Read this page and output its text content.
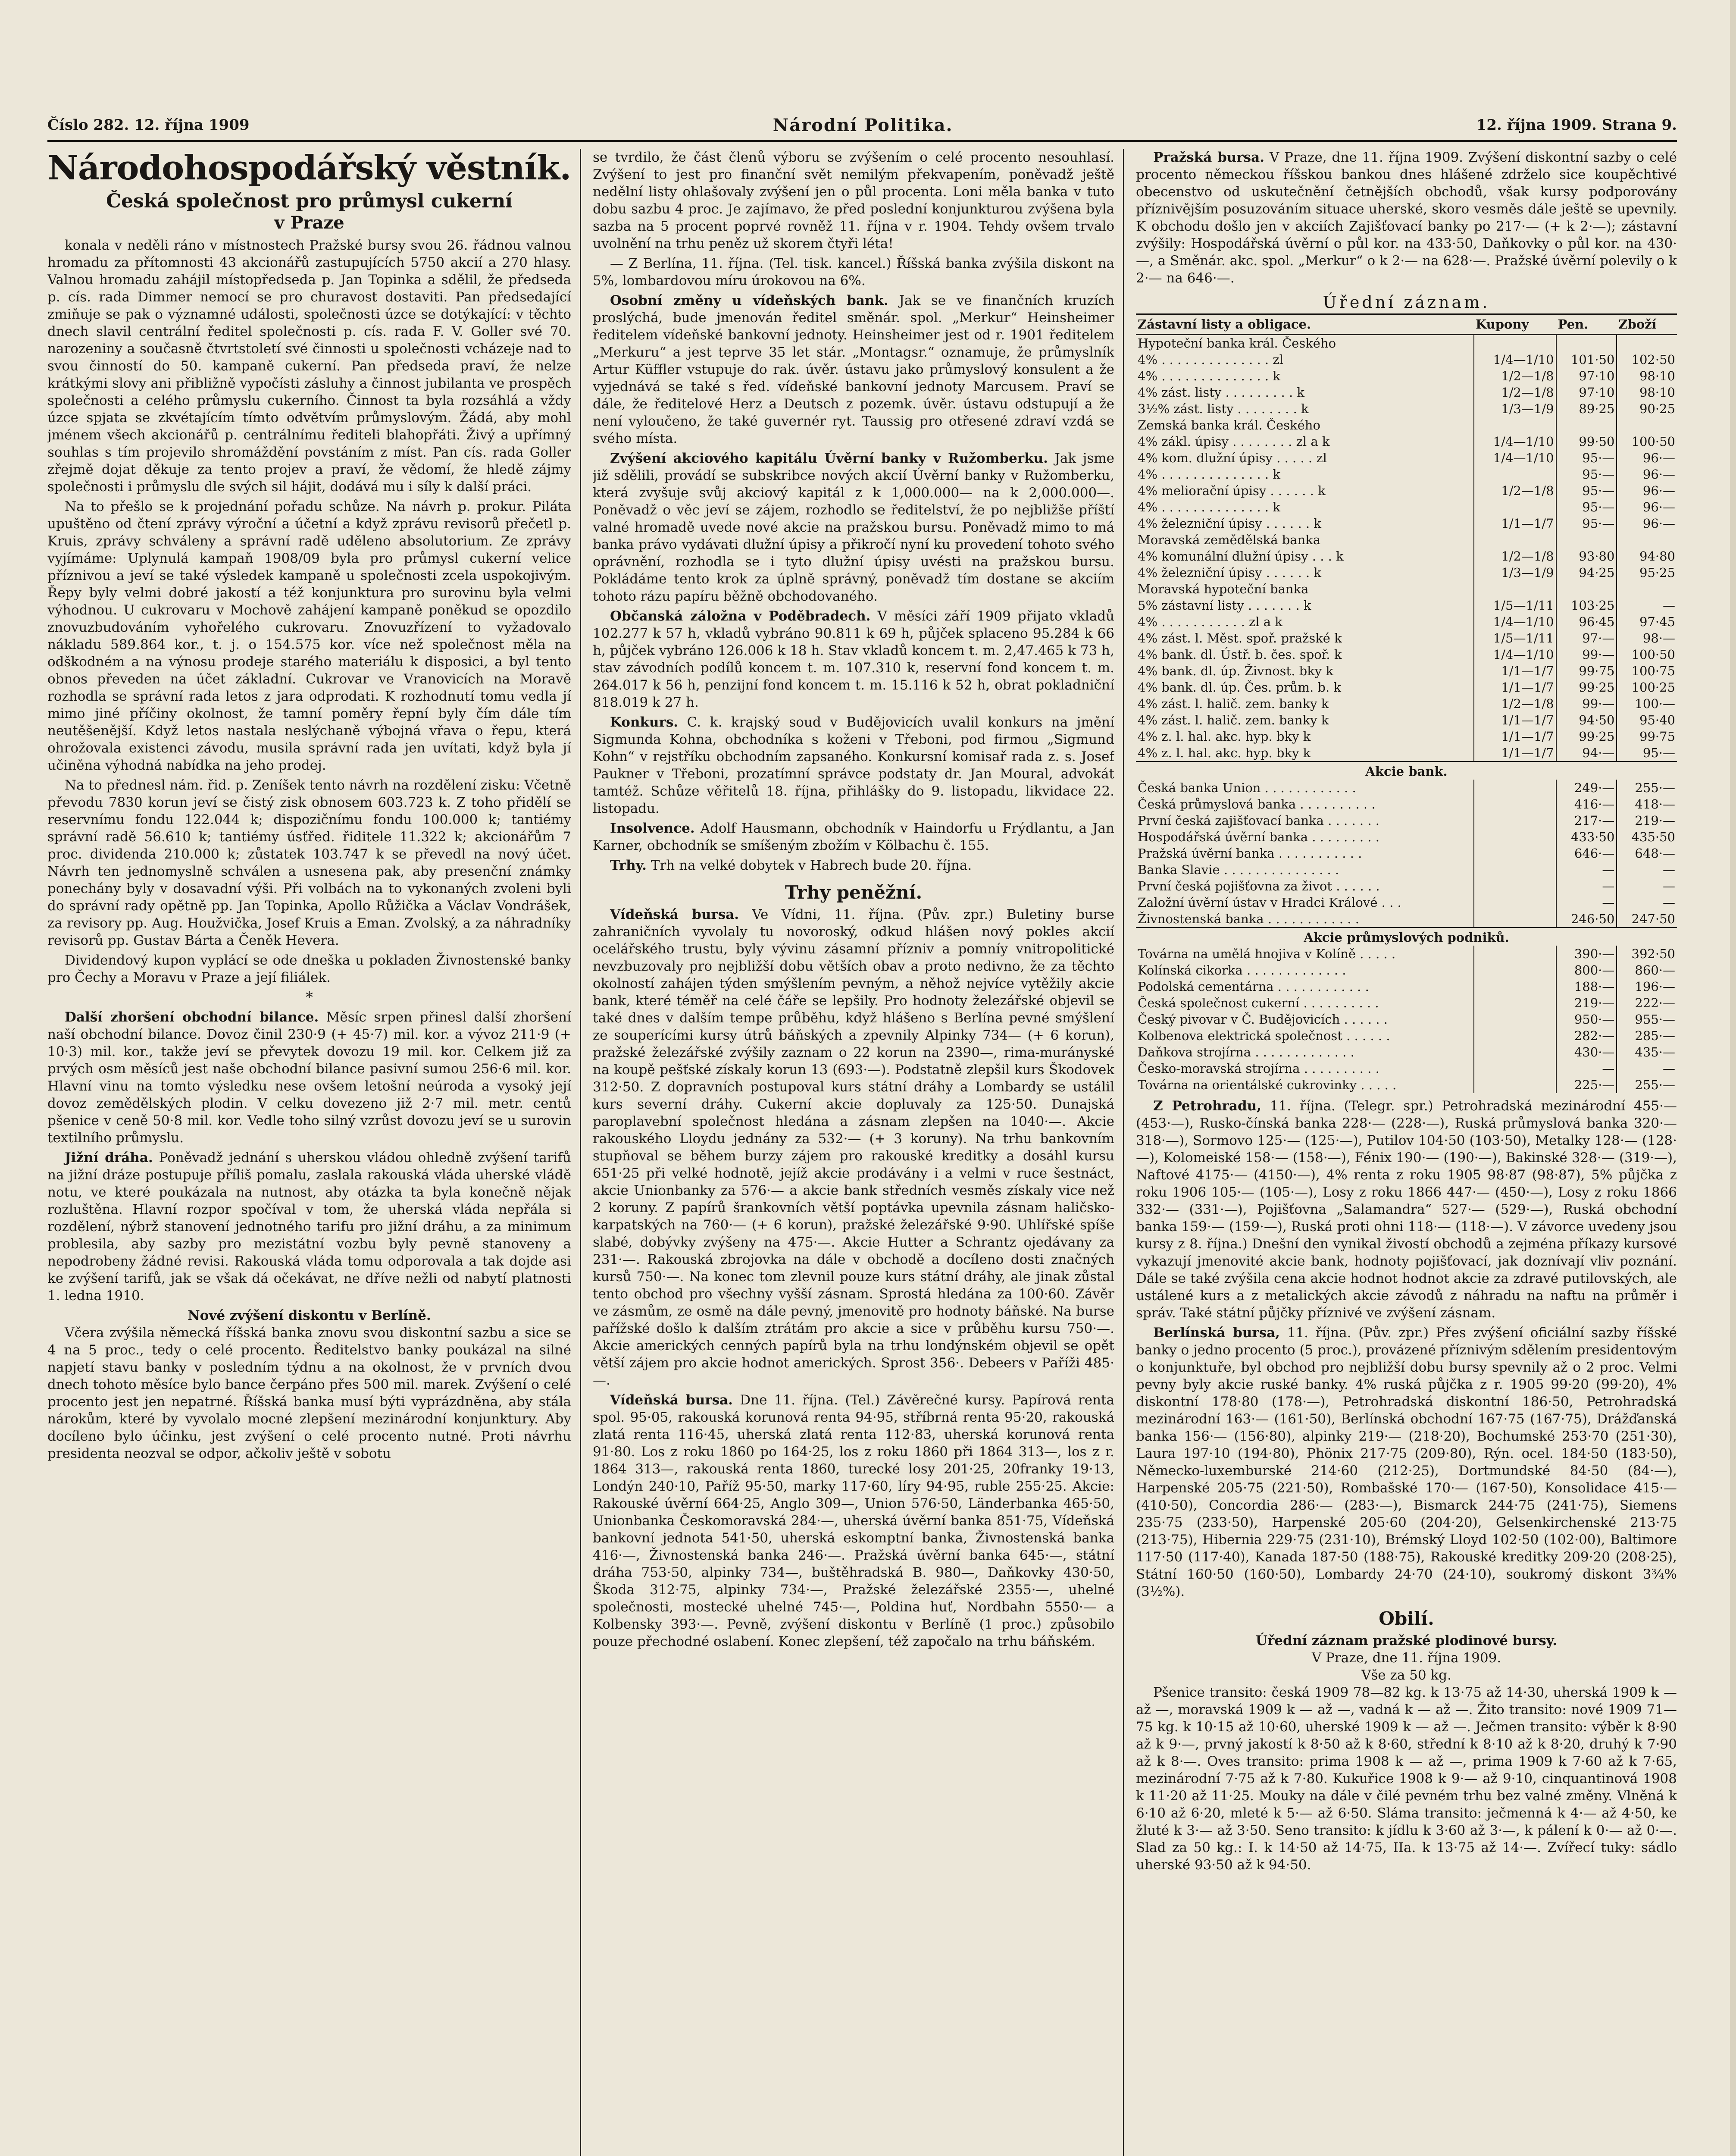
Číslo 282. 12. října 1909	Národní Politika.	12. října 1909. Strana 9.
Národohospodářský věstník.
Česká společnost pro průmysl cukerní
v Praze

konala v neděli ráno v místnostech Pražské bursy svou 26. řádnou valnou hromadu za přítomnosti 43 akcionářů zastupujících 5750 akcií a 270 hlasy. Valnou hromadu zahájil místopředseda p. Jan Topinka a sdělil, že předseda p. cís. rada Dimmer nemocí se pro churavost dostaviti. Pan předsedající zmiňuje se pak o významné události, společnosti úzce se dotýkající: v těchto dnech slavil centrální ředitel společnosti p. cís. rada F. V. Goller své 70. narozeniny a současně čtvrtstoletí své činnosti u společnosti vcházeje nad to svou činností do 50. kampaně cukerní. Pan předseda praví, že nelze krátkými slovy ani přibližně vypočísti zásluhy a činnost jubilanta ve prospěch společnosti a celého průmyslu cukerního. Činnost ta byla rozsáhlá a vždy úzce spjata se zkvétajícím tímto odvětvím průmyslovým. Žádá, aby mohl jménem všech akcionářů p. centrálnímu řediteli blahopřáti. Živý a upřímný souhlas s tím projevilo shromáždění povstáním z míst. Pan cís. rada Goller zřejmě dojat děkuje za tento projev a praví, že vědomí, že hledě zájmy společnosti i průmyslu dle svých sil hájit, dodává mu i síly k další práci.

Na to přešlo se k projednání pořadu schůze. Na návrh p. prokur. Piláta upuštěno od čtení zprávy výroční a účetní a když zprávu revisorů přečetl p. Kruis, zprávy schváleny a správní radě uděleno absolutorium. Ze zprávy vyjímáme: Uplynulá kampaň 1908/09 byla pro průmysl cukerní velice příznivou a jeví se také výsledek kampaně u společnosti zcela uspokojivým. Řepy byly velmi dobré jakostí a též konjunktura pro surovinu byla velmi výhodnou. U cukrovaru v Mochově zahájení kampaně poněkud se opozdilo znovuzbudováním vyhořelého cukrovaru. Znovuzřízení to vyžadovalo nákladu 589.864 kor., t. j. o 154.575 kor. více než společnost měla na odškodném a na výnosu prodeje starého materiálu k disposici, a byl tento obnos převeden na účet základní. Cukrovar ve Vranovicích na Moravě rozhodla se správní rada letos z jara odprodati. K rozhodnutí tomu vedla jí mimo jiné příčiny okolnost, že tamní poměry řepní byly čím dále tím neutěšenější. Když letos nastala neslýchaně výbojná vřava o řepu, která ohrožovala existenci závodu, musila správní rada jen uvítati, když byla jí učiněna výhodná nabídka na jeho prodej.

Na to přednesl nám. řid. p. Zeníšek tento návrh na rozdělení zisku: Včetně převodu 7830 korun jeví se čistý zisk obnosem 603.723 k. Z toho přidělí se reservnímu fondu 122.044 k; dispozičnímu fondu 100.000 k; tantiémy správní radě 56.610 k; tantiémy úsťřed. řiditele 11.322 k; akcionářům 7 proc. dividenda 210.000 k; zůstatek 103.747 k se převedl na nový účet. Návrh ten jednomyslně schválen a usnesena pak, aby presenční známky ponechány byly v dosavadní výši. Při volbách na to vykonaných zvoleni byli do správní rady opětně pp. Jan Topinka, Apollo Růžička a Václav Vondrášek, za revisory pp. Aug. Houžvička, Josef Kruis a Eman. Zvolský, a za náhradníky revisorů pp. Gustav Bárta a Čeněk Hevera.

Dividendový kupon vyplácí se ode dneška u pokladen Živnostenské banky pro Čechy a Moravu v Praze a její filiálek.

*

Další zhoršení obchodní bilance. Měsíc srpen přinesl další zhoršení naší obchodní bilance. Dovoz činil 230·9 (+ 45·7) mil. kor. a vývoz 211·9 (+ 10·3) mil. kor., takže jeví se převytek dovozu 19 mil. kor. Celkem již za prvých osm měsíců jest naše obchodní bilance pasivní sumou 256·6 mil. kor. Hlavní vinu na tomto výsledku nese ovšem letošní neúroda a vysoký její dovoz zemědělských plodin. V celku dovezeno již 2·7 mil. metr. centů pšenice v ceně 50·8 mil. kor. Vedle toho silný vzrůst dovozu jeví se u surovin textilního průmyslu.

Jižní dráha. Poněvadž jednání s uherskou vládou ohledně zvýšení tarifů na jižní dráze postupuje příliš pomalu, zaslala rakouská vláda uherské vládě notu, ve které poukázala na nutnost, aby otázka ta byla konečně nějak rozluštěna. Hlavní rozpor spočíval v tom, že uherská vláda nepřála si rozdělení, nýbrž stanovení jednotného tarifu pro jižní dráhu, a za minimum problesila, aby sazby pro mezistátní vozbu byly pevně stanoveny a nepodrobeny žádné revisi. Rakouská vláda tomu odporovala a tak dojde asi ke zvýšení tarifů, jak se však dá očekávat, ne dříve nežli od nabytí platnosti 1. ledna 1910.

Nové zvýšení diskontu v Berlíně.

Včera zvýšila německá říšská banka znovu svou diskontní sazbu a sice se 4 na 5 proc., tedy o celé procento. Ředitelstvo banky poukázal na silné napjetí stavu banky v posledním týdnu a na okolnost, že v prvních dvou dnech tohoto měsíce bylo bance čerpáno přes 500 mil. marek. Zvýšení o celé procento jest jen nepatrné. Říšská banka musí býti vyprázdněna, aby stála nárokům, které by vyvolalo mocné zlepšení mezinárodní konjunktury. Aby docíleno bylo účinku, jest zvýšení o celé procento nutné. Proti návrhu presidenta neozval se odpor, ačkoliv ještě v sobotu

se tvrdilo, že část členů výboru se zvýšením o celé procento nesouhlasí. Zvýšení to jest pro finanční svět nemilým překvapením, poněvadž ještě nedělní listy ohlašovaly zvýšení jen o půl procenta. Loni měla banka v tuto dobu sazbu 4 proc. Je zajímavo, že před poslední konjunkturou zvýšena byla sazba na 5 procent poprvé rovněž 11. října v r. 1904. Tehdy ovšem trvalo uvolnění na trhu peněz už skorem čtyři léta!

— Z Berlína, 11. října. (Tel. tisk. kancel.) Říšská banka zvýšila diskont na 5%, lombardovou míru úrokovou na 6%.

Osobní změny u vídeňských bank. Jak se ve finančních kruzích proslýchá, bude jmenován ředitel směnár. spol. „Merkur“ Heinsheimer ředitelem vídeňské bankovní jednoty. Heinsheimer jest od r. 1901 ředitelem „Merkuru“ a jest teprve 35 let stár. „Montagsr.“ oznamuje, že průmyslník Artur Küffler vstupuje do rak. úvěr. ústavu jako průmyslový konsulent a že vyjednává se také s řed. vídeňské bankovní jednoty Marcusem. Praví se dále, že ředitelové Herz a Deutsch z pozemk. úvěr. ústavu odstupují a že není vyloučeno, že také guvernér ryt. Taussig pro otřesené zdraví vzdá se svého místa.

Zvýšení akciového kapitálu Úvěrní banky v Ružomberku. Jak jsme již sdělili, provádí se subskribce nových akcií Úvěrní banky v Ružomberku, která zvyšuje svůj akciový kapitál z k 1,000.000— na k 2,000.000—. Poněvadž o věc jeví se zájem, rozhodlo se ředitelství, že po nejbližše příští valné hromadě uvede nové akcie na pražskou bursu. Poněvadž mimo to má banka právo vydávati dlužní úpisy a přikročí nyní ku provedení tohoto svého oprávnění, rozhodla se i tyto dlužní úpisy uvésti na pražskou bursu. Pokládáme tento krok za úplně správný, poněvadž tím dostane se akciím tohoto rázu papíru běžně obchodovaného.

Občanská záložna v Poděbradech. V měsíci září 1909 přijato vkladů 102.277 k 57 h, vkladů vybráno 90.811 k 69 h, půjček splaceno 95.284 k 66 h, půjček vybráno 126.006 k 18 h. Stav vkladů koncem t. m. 2,47.465 k 73 h, stav závodních podílů koncem t. m. 107.310 k, reservní fond koncem t. m. 264.017 k 56 h, penzijní fond koncem t. m. 15.116 k 52 h, obrat pokladniční 818.019 k 27 h.

Konkurs. C. k. krajský soud v Budějovicích uvalil konkurs na jmění Sigmunda Kohna, obchodníka s koženi v Třeboni, pod firmou „Sigmund Kohn“ v rejstříku obchodním zapsaného. Konkursní komisař rada z. s. Josef Paukner v Třeboni, prozatímní správce podstaty dr. Jan Moural, advokát tamtéž. Schůze věřitelů 18. října, přihlášky do 9. listopadu, likvidace 22. listopadu.

Insolvence. Adolf Hausmann, obchodník v Haindorfu u Frýdlantu, a Jan Karner, obchodník se smíšeným zbožím v Kölbachu č. 155.

Trhy. Trh na velké dobytek v Habrech bude 20. října.

Trhy peněžní.

Vídeňská bursa. Ve Vídni, 11. října. (Pův. zpr.) Buletiny burse zahraničních vyvolaly tu novoroský, odkud hlášen nový pokles akcií ocelářského trustu, byly vývinu zásamní přízniv a pomníy vnitropolitické nevzbuzovaly pro nejbližší dobu větších obav a proto nedivno, že za těchto okolností zahájen týden smýšlením pevným, a něhož nejvíce vytěžily akcie bank, které téměř na celé čáře se lepšily. Pro hodnoty železářské objevil se také dnes v dalším tempe průběhu, když hlášeno s Berlína pevné smýšlení ze souperícími kursy útrů báňských a zpevnily Alpinky 734— (+ 6 korun), pražské železářské zvýšily zaznam o 22 korun na 2390—, rima-murányské na koupě pešťské získaly korun 13 (693·—). Podstatně zlepšil kurs Škodovek 312·50. Z dopravních postupoval kurs státní dráhy a Lombardy se ustálil kurs severní dráhy. Cukerní akcie dopluvaly za 125·50. Dunajská paroplavební společnost hledána a zásnam zlepšen na 1040·—. Akcie rakouského Lloydu jednány za 532·— (+ 3 koruny). Na trhu bankovním stupňoval se během burzy zájem pro rakouské kreditky a dosáhl kursu 651·25 při velké hodnotě, jejíž akcie prodávány i a velmi v ruce šestnáct, akcie Unionbanky za 576·— a akcie bank středních vesměs získaly vice než 2 koruny. Z papírů šrankovních větší poptávka upevnila zásnam haličsko-karpatských na 760·— (+ 6 korun), pražské železářské 9·90. Uhlířské spíše slabé, dobývky zvýšeny na 475·—. Akcie Hutter a Schrantz ojedávany za 231·—. Rakouská zbrojovka na dále v obchodě a docíleno dosti značných kursů 750·—. Na konec tom zlevnil pouze kurs státní dráhy, ale jinak zůstal tento obchod pro všechny vyšší zásnam. Sprostá hledána za 100·60. Závěr ve zásmům, ze osmě na dále pevný, jmenovitě pro hodnoty báňské. Na burse pařížské došlo k dalším ztrátám pro akcie a sice v průběhu kursu 750·—. Akcie amerických cenných papírů byla na trhu londýnském objevil se opět větší zájem pro akcie hodnot amerických. Sprost 356·. Debeers v Paříži 485·—.

Vídeňská bursa. Dne 11. října. (Tel.) Závěrečné kursy. Papírová renta spol. 95·05, rakouská korunová renta 94·95, stříbrná renta 95·20, rakouská zlatá renta 116·45, uherská zlatá renta 112·83, uherská korunová renta 91·80. Los z roku 1860 po 164·25, los z roku 1860 při 1864 313—, los z r. 1864 313—, rakouská renta 1860, turecké losy 201·25, 20franky 19·13, Londýn 240·10, Paříž 95·50, marky 117·60, líry 94·95, ruble 255·25. Akcie: Rakouské úvěrní 664·25, Anglo 309—, Union 576·50, Länderbanka 465·50, Unionbanka Českomoravská 284·—, uherská úvěrní banka 851·75, Vídeňská bankovní jednota 541·50, uherská eskomptní banka, Živnostenská banka 416·—, Živnostenská banka 246·—. Pražská úvěrní banka 645·—, státní dráha 753·50, alpinky 734—, buštěhradská B. 980—, Daňkovky 430·50, Škoda 312·75, alpinky 734·—, Pražské železářské 2355·—, uhelné společnosti, mostecké uhelné 745·—, Poldina huť, Nordbahn 5550·— a Kolbensky 393·—. Pevně, zvýšení diskontu v Berlíně (1 proc.) způsobilo pouze přechodné oslabení. Konec zlepšení, též započalo na trhu báňském.

Pražská bursa. V Praze, dne 11. října 1909. Zvýšení diskontní sazby o celé procento německou říšskou bankou dnes hlášené zdrželo sice koupěchtivé obecenstvo od uskutečnění četnějších obchodů, však kursy podporovány příznivějším posuzováním situace uherské, skoro vesměs dále ještě se upevnily. K obchodu došlo jen v akciích Zajišťovací banky po 217·— (+ k 2·—); zástavní zvýšily: Hospodářská úvěrní o půl kor. na 433·50, Daňkovky o půl kor. na 430·—, a Směnár. akc. spol. „Merkur“ o k 2·— na 628·—. Pražské úvěrní polevily o k 2·— na 646·—.

Úřední záznam.
Zástavní listy a obligace.	Kupony	Pen.	Zboží
Hypoteční banka král. Českého			
4% . . . . . . . . . . . . . . zl	1/4—1/10	101·50	102·50
4% . . . . . . . . . . . . . . k	1/2—1/8	97·10	98·10
4% zást. listy . . . . . . . . . k	1/2—1/8	97·10	98·10
3½% zást. listy . . . . . . . . k	1/3—1/9	89·25	90·25
Zemská banka král. Českého			
4% zákl. úpisy . . . . . . . . zl a k	1/4—1/10	99·50	100·50
4% kom. dlužní úpisy . . . . . zl	1/4—1/10	95·—	96·—
4% . . . . . . . . . . . . . . k		95·—	96·—
4% meliorační úpisy . . . . . . k	1/2—1/8	95·—	96·—
4% . . . . . . . . . . . . . . k		95·—	96·—
4% železniční úpisy . . . . . . k	1/1—1/7	95·—	96·—
Moravská zemědělská banka			
4% komunální dlužní úpisy . . . k	1/2—1/8	93·80	94·80
4% železniční úpisy . . . . . . k	1/3—1/9	94·25	95·25
Moravská hypoteční banka			
5% zástavní listy . . . . . . . k	1/5—1/11	103·25	—
4% . . . . . . . . . . . zl a k	1/4—1/10	96·45	97·45
4% zást. l. Měst. spoř. pražské k	1/5—1/11	97·—	98·—
4% bank. dl. Ústř. b. čes. spoř. k	1/4—1/10	99·—	100·50
4% bank. dl. úp. Živnost. bky k	1/1—1/7	99·75	100·75
4% bank. dl. úp. Čes. prům. b. k	1/1—1/7	99·25	100·25
4% zást. l. halič. zem. banky k	1/2—1/8	99·—	100·—
4% zást. l. halič. zem. banky k	1/1—1/7	94·50	95·40
4% z. l. hal. akc. hyp. bky k	1/1—1/7	99·25	99·75
4% z. l. hal. akc. hyp. bky k	1/1—1/7	94·—	95·—
Akcie bank.			
Česká banka Union . . . . . . . . . . . .		249·—	255·—
Česká průmyslová banka . . . . . . . . . .		416·—	418·—
První česká zajišťovací banka . . . . . . .		217·—	219·—
Hospodářská úvěrní banka . . . . . . . . .		433·50	435·50
Pražská úvěrní banka . . . . . . . . . . .		646·—	648·—
Banka Slavie . . . . . . . . . . . . . . .		—	—
První česká pojišťovna za život . . . . . .		—	—
Založní úvěrní ústav v Hradci Králové . . .		—	—
Živnostenská banka . . . . . . . . . . . .		246·50	247·50
Akcie průmyslových podniků.			
Továrna na umělá hnojiva v Kolíně . . . . .		390·—	392·50
Kolínská cikorka . . . . . . . . . . . . .		800·—	860·—
Podolská cementárna . . . . . . . . . . . .		188·—	196·—
Česká společnost cukerní . . . . . . . . . .		219·—	222·—
Český pivovar v Č. Budějovicích . . . . . .		950·—	955·—
Kolbenova elektrická společnost . . . . . .		282·—	285·—
Daňkova strojírna . . . . . . . . . . . . .		430·—	435·—
Česko-moravská strojírna . . . . . . . . . .		—	—
Továrna na orientálské cukrovinky . . . . .		225·—	255·—

Z Petrohradu, 11. října. (Telegr. spr.) Petrohradská mezinárodní 455·— (453·—), Rusko-čínská banka 228·— (228·—), Ruská průmyslová banka 320·— 318·—), Sormovo 125·— (125·—), Putilov 104·50 (103·50), Metalky 128·— (128·—), Kolomeiské 158·— (158·—), Fénix 190·— (190·—), Bakinské 328·— (319·—), Naftové 4175·— (4150·—), 4% renta z roku 1905 98·87 (98·87), 5% půjčka z roku 1906 105·— (105·—), Losy z roku 1866 447·— (450·—), Losy z roku 1866 332·— (331·—), Pojišťovna „Salamandra“ 527·— (529·—), Ruská obchodní banka 159·— (159·—), Ruská proti ohni 118·— (118·—). V závorce uvedeny jsou kursy z 8. října.) Dnešní den vynikal živostí obchodů a zejména příkazy kursové vykazují jmenovité akcie bank, hodnoty pojišťovací, jak doznívají vliv poznání. Dále se také zvýšila cena akcie hodnot hodnot akcie za zdravé putilovských, ale ustálené kurs a z metalických akcie závodů z náhradu na naftu na průměr i správ. Také státní půjčky příznivé ve zvýšení zásnam.

Berlínská bursa, 11. října. (Pův. zpr.) Přes zvýšení oficiální sazby říšské banky o jedno procento (5 proc.), provázené příznivým sdělením presidentovým o konjunktuře, byl obchod pro nejbližší dobu bursy spevnily až o 2 proc. Velmi pevny byly akcie ruské banky. 4% ruská půjčka z r. 1905 99·20 (99·20), 4% diskontní 178·80 (178·—), Petrohradská diskontní 186·50, Petrohradská mezinárodní 163·— (161·50), Berlínská obchodní 167·75 (167·75), Drážďanská banka 156·— (156·80), alpinky 219·— (218·20), Bochumské 253·70 (251·30), Laura 197·10 (194·80), Phönix 217·75 (209·80), Rýn. ocel. 184·50 (183·50), Německo-luxemburské 214·60 (212·25), Dortmundské 84·50 (84·—), Harpenské 205·75 (221·50), Rombašské 170·— (167·50), Konsolidace 415·— (410·50), Concordia 286·— (283·—), Bismarck 244·75 (241·75), Siemens 235·75 (233·50), Harpenské 205·60 (204·20), Gelsenkirchenské 213·75 (213·75), Hibernia 229·75 (231·10), Brémský Lloyd 102·50 (102·00), Baltimore 117·50 (117·40), Kanada 187·50 (188·75), Rakouské kreditky 209·20 (208·25), Státní 160·50 (160·50), Lombardy 24·70 (24·10), soukromý diskont 3¾% (3½%).

Obilí.
Úřední záznam pražské plodinové bursy.
V Praze, dne 11. října 1909.
Vše za 50 kg.

Pšenice transito: česká 1909 78—82 kg. k 13·75 až 14·30, uherská 1909 k — až —, moravská 1909 k — až —, vadná k — až —. Žito transito: nové 1909 71—75 kg. k 10·15 až 10·60, uherské 1909 k — až —. Ječmen transito: výběr k 8·90 až k 9·—, prvný jakostí k 8·50 až k 8·60, střední k 8·10 až k 8·20, druhý k 7·90 až k 8·—. Oves transito: prima 1908 k — až —, prima 1909 k 7·60 až k 7·65, mezinárodní 7·75 až k 7·80. Kukuřice 1908 k 9·— až 9·10, cinquantinová 1908 k 11·20 až 11·25. Mouky na dále v čilé pevném trhu bez valné změny. Vlněná k 6·10 až 6·20, mleté k 5·— až 6·50. Sláma transito: ječmenná k 4·— až 4·50, ke žluté k 3·— až 3·50. Seno transito: k jídlu k 3·60 až 3·—, k pálení k 0·— až 0·—. Slad za 50 kg.: I. k 14·50 až 14·75, IIa. k 13·75 až 14·—. Zvířecí tuky: sádlo uherské 93·50 až k 94·50.
